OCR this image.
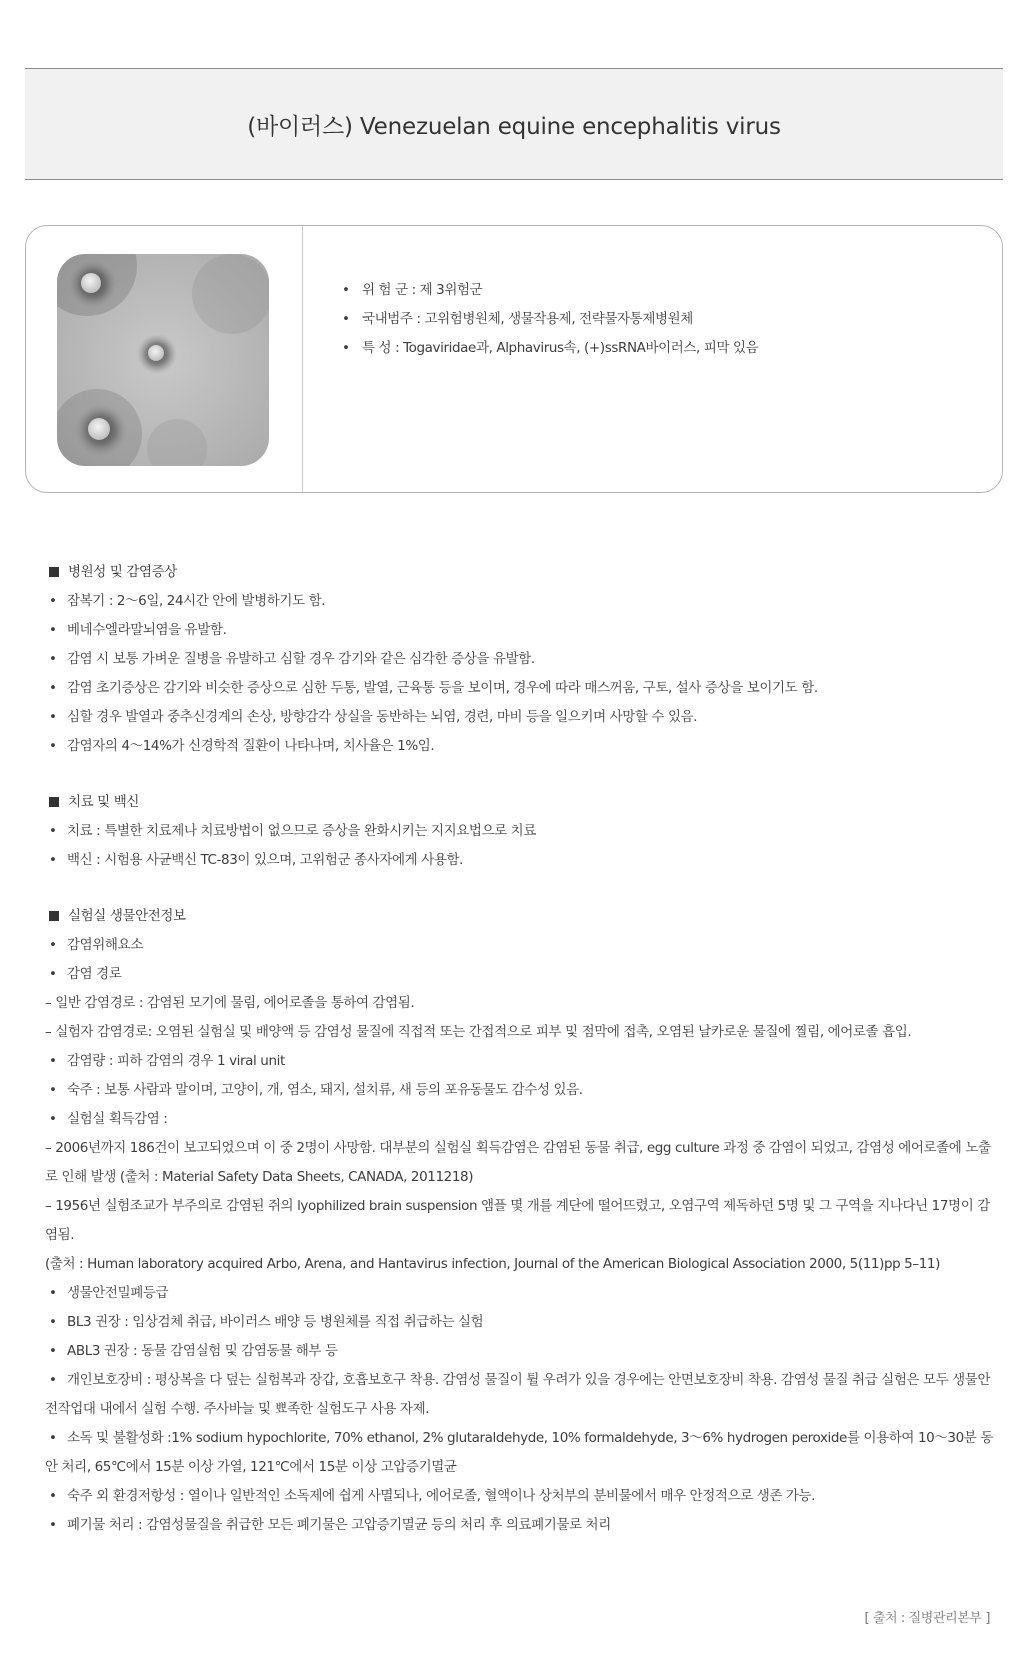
(바이러스) Venezuelan equine encephalitis virus
• 위 험 군 : 제 3위험군
• 국내범주 : 고위험병원체, 생물작용제, 전략물자통제병원체
• 특 성 : Togaviridae과, Alphavirus속, (+)ssRNA바이러스, 피막 있음
병원성 및 감염증상
• 잠복기 : 2～6일, 24시간 안에 발병하기도 함.
• 베네수엘라말뇌염을 유발함.
• 감염 시 보통 가벼운 질병을 유발하고 심할 경우 감기와 같은 심각한 증상을 유발함.
• 감염 초기증상은 감기와 비슷한 증상으로 심한 두통, 발열, 근육통 등을 보이며, 경우에 따라 매스꺼움, 구토, 설사 증상을 보이기도 함.
• 심할 경우 발열과 중추신경계의 손상, 방향감각 상실을 동반하는 뇌염, 경련, 마비 등을 일으키며 사망할 수 있음.
• 감염자의 4～14%가 신경학적 질환이 나타나며, 치사율은 1%임.
치료 및 백신
• 치료 : 특별한 치료제나 치료방법이 없으므로 증상을 완화시키는 지지요법으로 치료
• 백신 : 시험용 사균백신 TC-83이 있으며, 고위험군 종사자에게 사용함.
실험실 생물안전정보
• 감염위해요소
• 감염 경로
– 일반 감염경로 : 감염된 모기에 물림, 에어로졸을 통하여 감염됨.
– 실험자 감염경로: 오염된 실험실 및 배양액 등 감염성 물질에 직접적 또는 간접적으로 피부 및 점막에 접촉, 오염된 날카로운 물질에 찔림, 에어로졸 흡입.
• 감염량 : 피하 감염의 경우 1 viral unit
• 숙주 : 보통 사람과 말이며, 고양이, 개, 염소, 돼지, 설치류, 새 등의 포유동물도 감수성 있음.
• 실험실 획득감염 :
– 2006년까지 186건이 보고되었으며 이 중 2명이 사망함. 대부분의 실험실 획득감염은 감염된 동물 취급, egg culture 과정 중 감염이 되었고, 감염성 에어로졸에 노출로 인해 발생 (출처 : Material Safety Data Sheets, CANADA, 2011218)
– 1956년 실험조교가 부주의로 감염된 쥐의 lyophilized brain suspension 앰플 몇 개를 계단에 떨어뜨렸고, 오염구역 제독하던 5명 및 그 구역을 지나다닌 17명이 감염됨.
(출처 : Human laboratory acquired Arbo, Arena, and Hantavirus infection, Journal of the American Biological Association 2000, 5(11)pp 5–11)
• 생물안전밀폐등급
• BL3 권장 : 임상검체 취급, 바이러스 배양 등 병원체를 직접 취급하는 실험
• ABL3 권장 : 동물 감염실험 및 감염동물 해부 등
• 개인보호장비 : 평상복을 다 덮는 실험복과 장갑, 호흡보호구 착용. 감염성 물질이 튈 우려가 있을 경우에는 안면보호장비 착용. 감염성 물질 취급 실험은 모두 생물안전작업대 내에서 실험 수행. 주사바늘 및 뾰족한 실험도구 사용 자제.
• 소독 및 불활성화 :1% sodium hypochlorite, 70% ethanol, 2% glutaraldehyde, 10% formaldehyde, 3～6% hydrogen peroxide를 이용하여 10～30분 동안 처리, 65℃에서 15분 이상 가열, 121℃에서 15분 이상 고압증기멸균
• 숙주 외 환경저항성 : 열이나 일반적인 소독제에 쉽게 사멸되나, 에어로졸, 혈액이나 상처부의 분비물에서 매우 안정적으로 생존 가능.
• 폐기물 처리 : 감염성물질을 취급한 모든 폐기물은 고압증기멸균 등의 처리 후 의료폐기물로 처리
[ 출처 : 질병관리본부 ]
